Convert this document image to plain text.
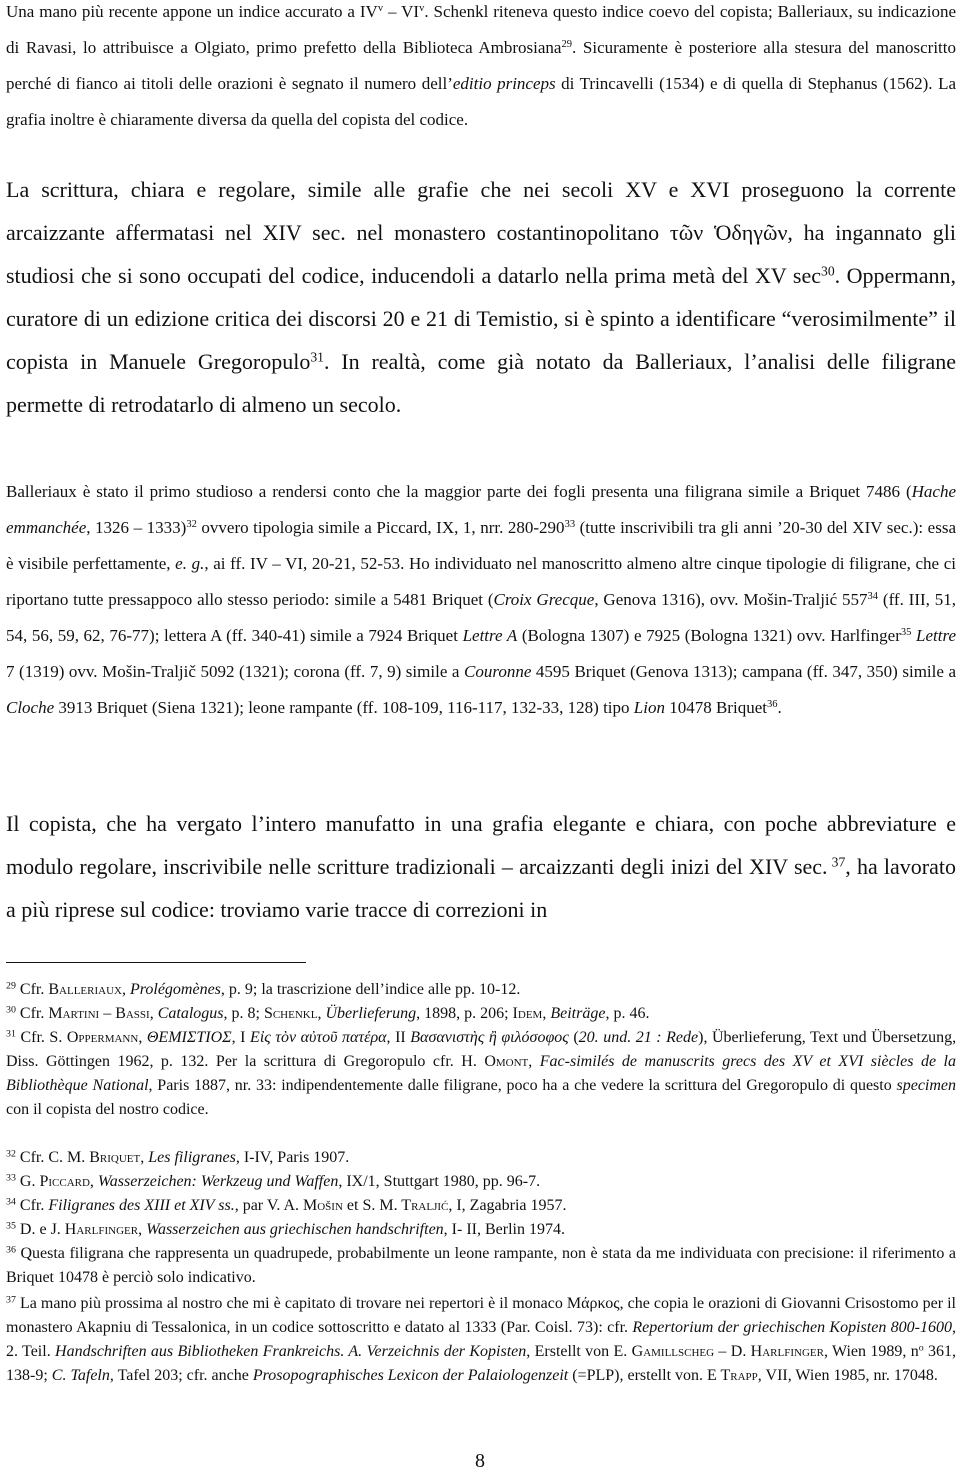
Una mano più recente appone un indice accurato a $IV^v - VI^v$. Schenkl riteneva questo indice coevo del copista; Balleriaux, su indicazione di Ravasi, lo attribuisce a Olgiato, primo prefetto della Biblioteca Ambrosiana$^{29}$. Sicuramente è posteriore alla stesura del manoscritto perché di fianco ai titoli delle orazioni è segnato il numero dell’editio princeps di Trincavelli (1534) e di quella di Stephanus (1562). La grafia inoltre è chiaramente diversa da quella del copista del codice.

La scrittura, chiara e regolare, simile alle grafie che nei secoli XV e XVI proseguono la corrente arcaizzante affermatasi nel XIV sec. nel monastero costantinopolitano τῶν Ὁδηγῶν, ha ingannato gli studiosi che si sono occupati del codice, inducendoli a datarlo nella prima metà del XV $\sec^{30}$. Oppermann, curatore di un edizione critica dei discorsi 20 e 21 di Temistio, si è spinto a identificare “verosimilmente” il copista in Manuele Gregoropulo$^{31}$. In realtà, come già notato da Balleriaux, l’analisi delle filigrane permette di retrodatarlo di almeno un secolo.

Balleriaux è stato il primo studioso a rendersi conto che la maggior parte dei fogli presenta una filigrana simile a Briquet 7486 (Hache emmanchée, 1326 – 1333)$^{32}$ ovvero tipologia simile a Piccard, IX, 1, nrr. $280-290^{33}$ (tutte inscrivibili tra gli anni ’20-30 del XIV sec.): essa è visibile perfettamente, e. g., ai ff. IV – VI, 20-21, 52-53. Ho individuato nel manoscritto almeno altre cinque tipologie di filigrane, che ci riportano tutte pressappoco allo stesso periodo: simile a 5481 Briquet (Croix Grecque, Genova 1316), ovv. Mošin-Traljić $557^{34}$ (ff. III, 51, 54, 56, 59, 62, 76-77); lettera A (ff. 340-41) simile a 7924 Briquet Lettre A (Bologna 1307) e 7925 (Bologna 1321) ovv. Harlfinger$^{35}$ Lettre 7 (1319) ovv. Mošin-Traljič 5092 (1321); corona (ff. 7, 9) simile a Couronne 4595 Briquet (Genova 1313); campana (ff. 347, 350) simile a Cloche 3913 Briquet (Siena 1321); leone rampante (ff. 108-109, 116-117, 132-33, 128) tipo Lion 10478 Briquet$^{36}$.

Il copista, che ha vergato l’intero manufatto in una grafia elegante e chiara, con poche abbreviature e modulo regolare, inscrivibile nelle scritture tradizionali – arcaizzanti degli inizi del XIV sec. $^{37}$, ha lavorato a più riprese sul codice: troviamo varie tracce di correzioni in

$^{29}$ Cfr. Balleriaux, Prolégomènes, p. 9; la trascrizione dell’indice alle pp. 10-12.

$^{30}$ Cfr. Martini – Bassi, Catalogus, p. 8; Schenkl, Überlieferung, 1898, p. 206; Idem, Beiträge, p. 46.

$^{31}$ Cfr. S. Oppermann, ΘΕΜΙΣΤΙΟΣ, I Εἰς τὸν αὐτοῦ πατέρα, II Βασανιστὴς ἢ φιλόσοφος (20. und. 21 : Rede), Überlieferung, Text und Übersetzung, Diss. Göttingen 1962, p. 132. Per la scrittura di Gregoropulo cfr. H. Omont, Fac-similés de manuscrits grecs des XV et XVI siècles de la Bibliothèque National, Paris 1887, nr. 33: indipendentemente dalle filigrane, poco ha a che vedere la scrittura del Gregoropulo di questo specimen con il copista del nostro codice.

$^{32}$ Cfr. C. M. Briquet, Les filigranes, I-IV, Paris 1907.

$^{33}$ G. Piccard, Wasserzeichen: Werkzeug und Waffen, IX/1, Stuttgart 1980, pp. 96-7.

$^{34}$ Cfr. Filigranes des XIII et XIV ss., par V. A. Mošin et S. M. Traljić, I, Zagabria 1957.

$^{35}$ D. e J. Harlfinger, Wasserzeichen aus griechischen handschriften, I- II, Berlin 1974.

$^{36}$ Questa filigrana che rappresenta un quadrupede, probabilmente un leone rampante, non è stata da me individuata con precisione: il riferimento a Briquet 10478 è perciò solo indicativo.

$^{37}$ La mano più prossima al nostro che mi è capitato di trovare nei repertori è il monaco Μάρκος, che copia le orazioni di Giovanni Crisostomo per il monastero Akapniu di Tessalonica, in un codice sottoscritto e datato al 1333 (Par. Coisl. 73): cfr. Repertorium der griechischen Kopisten 800-1600, 2. Teil. Handschriften aus Bibliotheken Frankreichs. A. Verzeichnis der Kopisten, Erstellt von E. Gamillscheg – D. Harlfinger, Wien 1989, $n^o$ 361, 138-9; C. Tafeln, Tafel 203; cfr. anche Prosopographisches Lexicon der Palaiologenzeit (=PLP), erstellt von. E Trapp, VII, Wien 1985, nr. 17048.

8
